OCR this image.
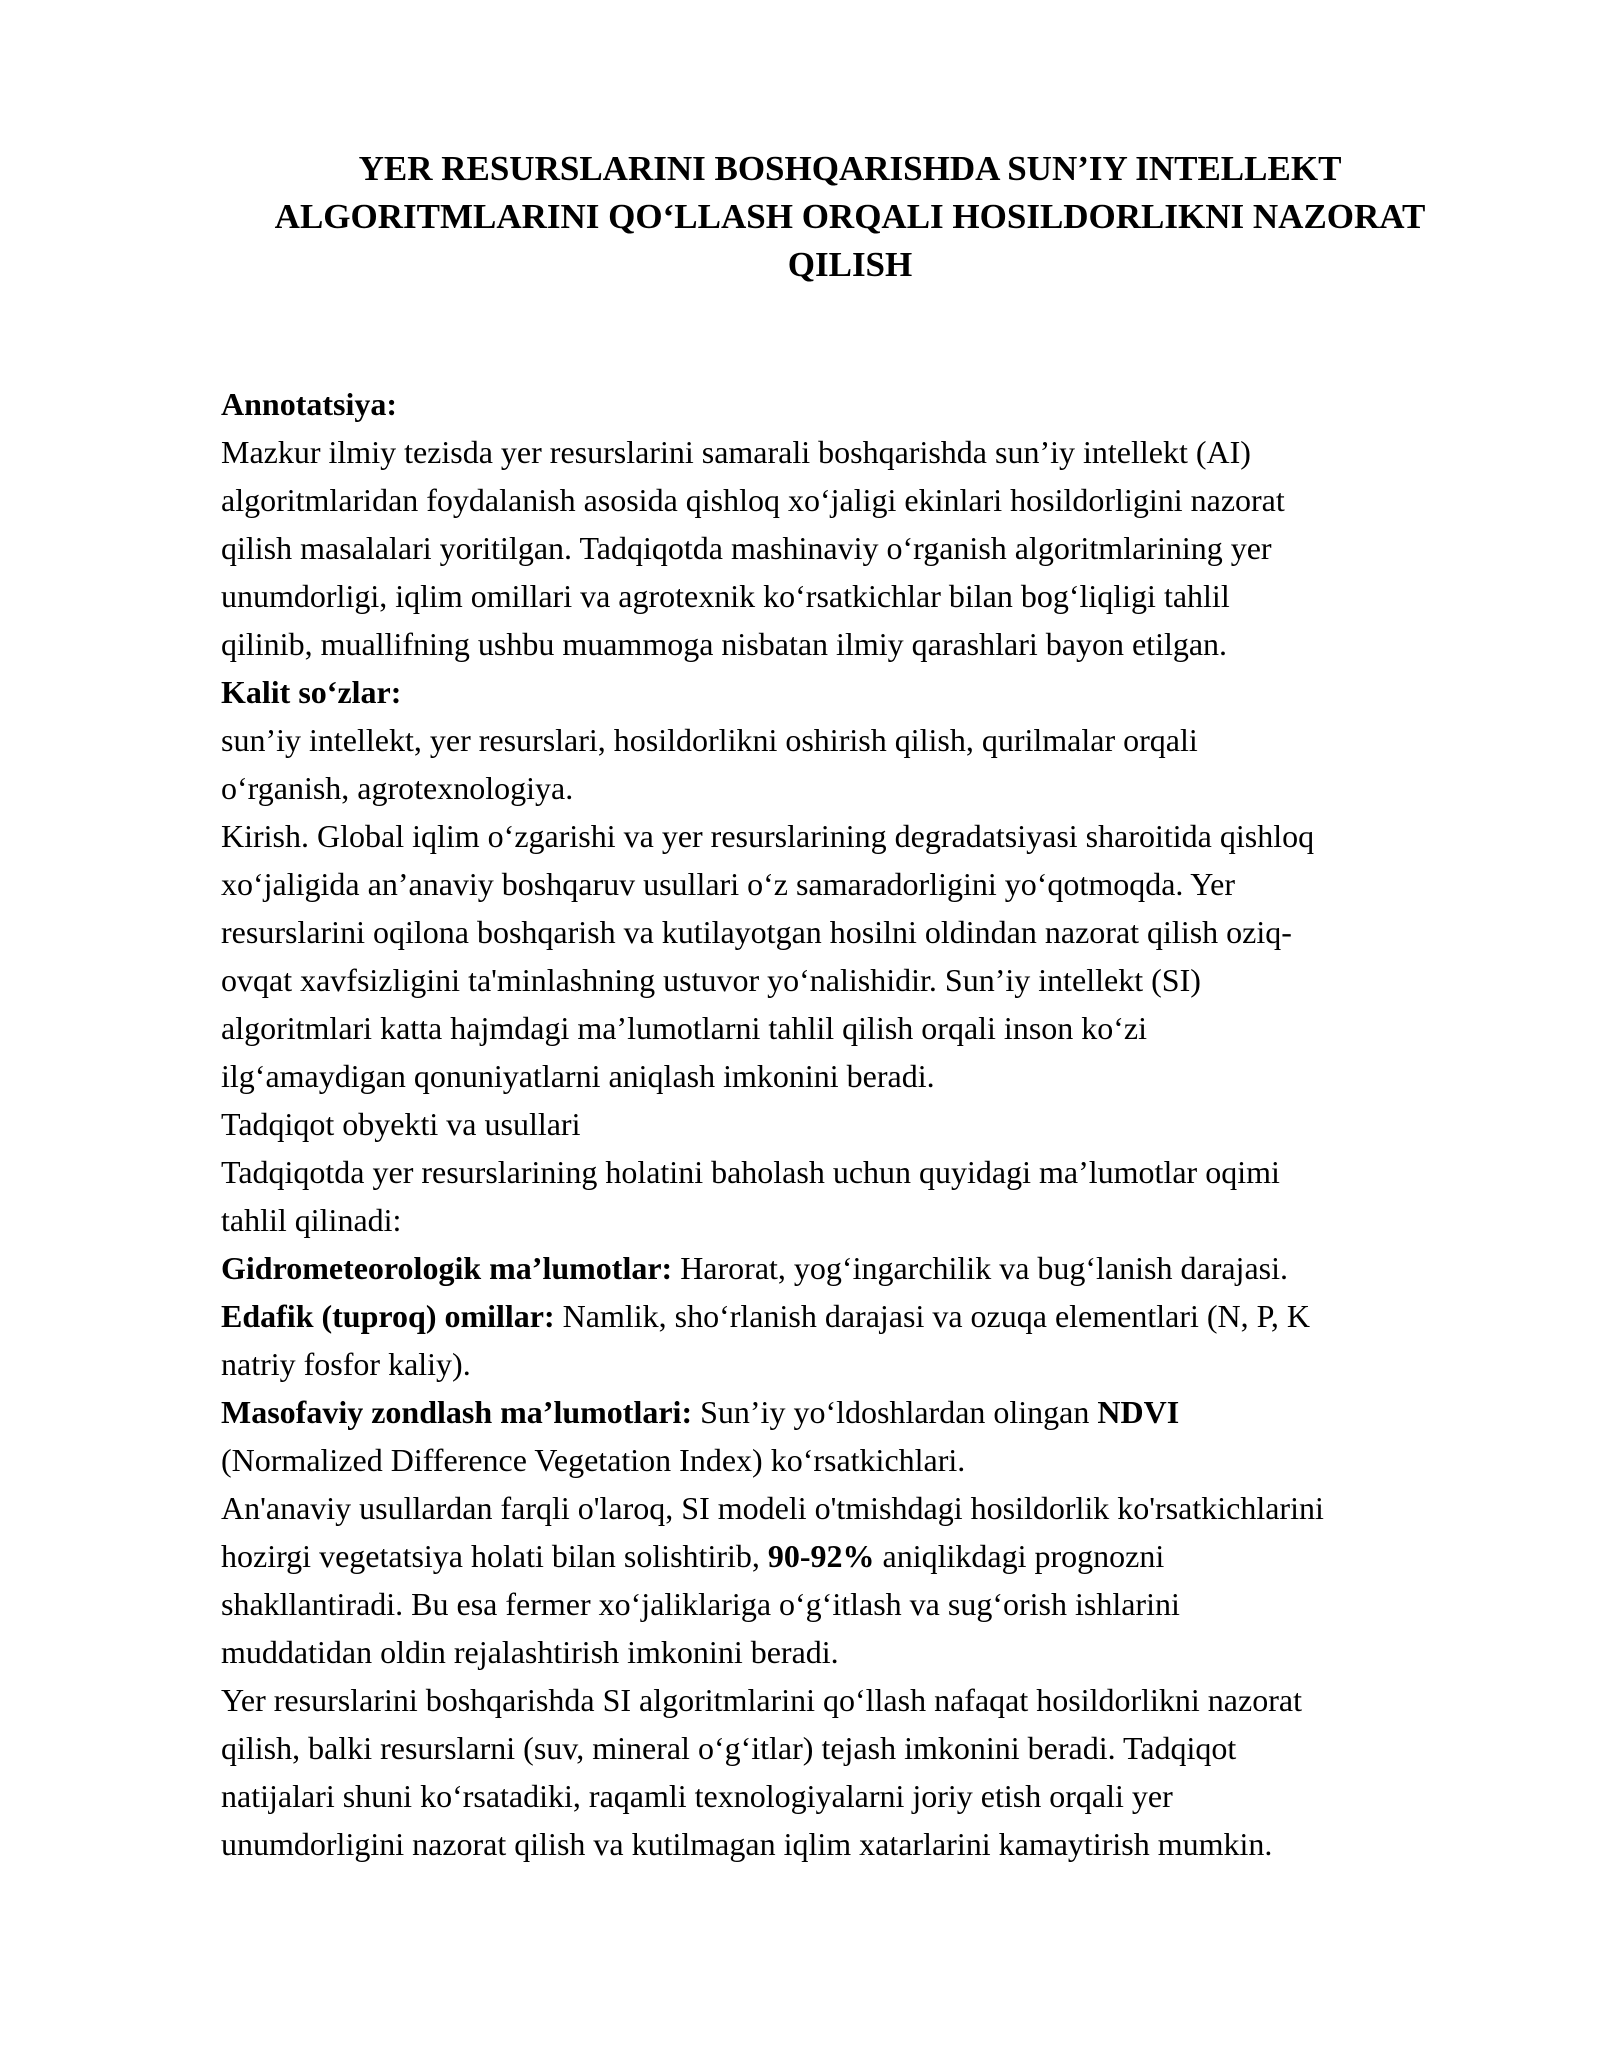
YER RESURSLARINI BOSHQARISHDA SUN’IY INTELLEKT
ALGORITMLARINI QO‘LLASH ORQALI HOSILDORLIKNI NAZORAT
QILISH

Annotatsiya:

Mazkur ilmiy tezisda yer resurslarini samarali boshqarishda sun’iy intellekt (AI)

algoritmlaridan foydalanish asosida qishloq xo‘jaligi ekinlari hosildorligini nazorat

qilish masalalari yoritilgan. Tadqiqotda mashinaviy o‘rganish algoritmlarining yer

unumdorligi, iqlim omillari va agrotexnik ko‘rsatkichlar bilan bog‘liqligi tahlil

qilinib, muallifning ushbu muammoga nisbatan ilmiy qarashlari bayon etilgan.

Kalit so‘zlar:

sun’iy intellekt, yer resurslari, hosildorlikni oshirish qilish, qurilmalar orqali

o‘rganish, agrotexnologiya.

Kirish. Global iqlim o‘zgarishi va yer resurslarining degradatsiyasi sharoitida qishloq

xo‘jaligida an’anaviy boshqaruv usullari o‘z samaradorligini yo‘qotmoqda. Yer

resurslarini oqilona boshqarish va kutilayotgan hosilni oldindan nazorat qilish oziq-

ovqat xavfsizligini ta'minlashning ustuvor yo‘nalishidir. Sun’iy intellekt (SI)

algoritmlari katta hajmdagi ma’lumotlarni tahlil qilish orqali inson ko‘zi

ilg‘amaydigan qonuniyatlarni aniqlash imkonini beradi.

Tadqiqot obyekti va usullari

Tadqiqotda yer resurslarining holatini baholash uchun quyidagi ma’lumotlar oqimi

tahlil qilinadi:

Gidrometeorologik ma’lumotlar: Harorat, yog‘ingarchilik va bug‘lanish darajasi.

Edafik (tuproq) omillar: Namlik, sho‘rlanish darajasi va ozuqa elementlari (N, P, K

natriy fosfor kaliy).

Masofaviy zondlash ma’lumotlari: Sun’iy yo‘ldoshlardan olingan NDVI

(Normalized Difference Vegetation Index) ko‘rsatkichlari.

An'anaviy usullardan farqli o'laroq, SI modeli o'tmishdagi hosildorlik ko'rsatkichlarini

hozirgi vegetatsiya holati bilan solishtirib, 90-92% aniqlikdagi prognozni

shakllantiradi. Bu esa fermer xo‘jaliklariga o‘g‘itlash va sug‘orish ishlarini

muddatidan oldin rejalashtirish imkonini beradi.

Yer resurslarini boshqarishda SI algoritmlarini qo‘llash nafaqat hosildorlikni nazorat

qilish, balki resurslarni (suv, mineral o‘g‘itlar) tejash imkonini beradi. Tadqiqot

natijalari shuni ko‘rsatadiki, raqamli texnologiyalarni joriy etish orqali yer

unumdorligini nazorat qilish va kutilmagan iqlim xatarlarini kamaytirish mumkin.
